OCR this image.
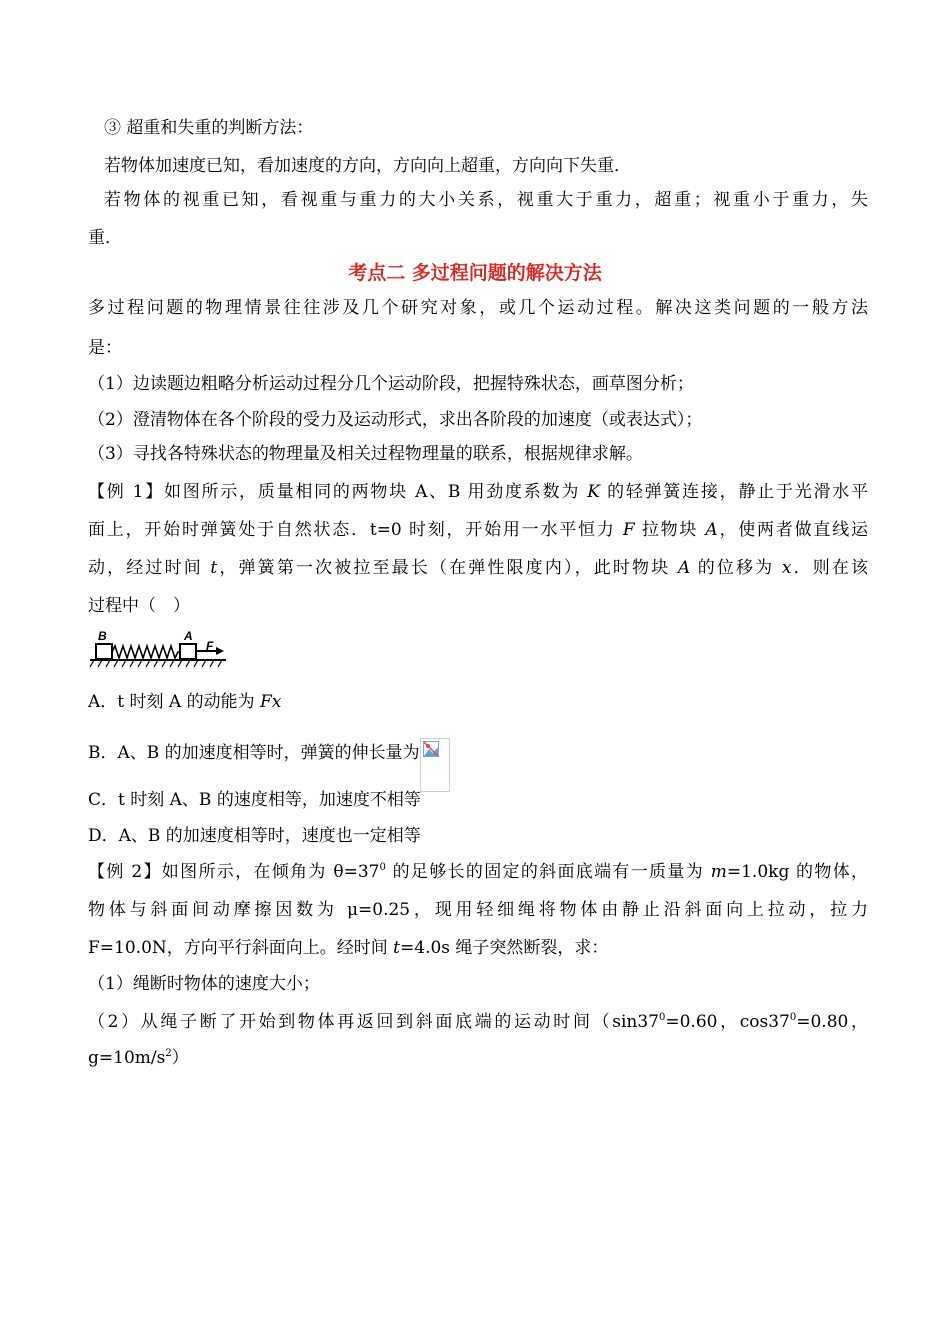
③ 超重和失重的判断方法：
若物体加速度已知，看加速度的方向，方向向上超重，方向向下失重．
若物体的视重已知，看视重与重力的大小关系，视重大于重力，超重；视重小于重力，失
重．
考点二 多过程问题的解决方法
多过程问题的物理情景往往涉及几个研究对象，或几个运动过程。解决这类问题的一般方法
是：
（1）边读题边粗略分析运动过程分几个运动阶段，把握特殊状态，画草图分析；
（2）澄清物体在各个阶段的受力及运动形式，求出各阶段的加速度（或表达式）；
（3）寻找各特殊状态的物理量及相关过程物理量的联系，根据规律求解。
【例 1】如图所示，质量相同的两物块 A、B 用劲度系数为 K 的轻弹簧连接，静止于光滑水平
面上，开始时弹簧处于自然状态．t=0 时刻，开始用一水平恒力 F 拉物块 A，使两者做直线运
动，经过时间 t，弹簧第一次被拉至最长（在弹性限度内），此时物块 A 的位移为 x．则在该
过程中（　）
B	A
F
A．t 时刻 A 的动能为 Fx
B．A、B 的加速度相等时，弹簧的伸长量为
C．t 时刻 A、B 的速度相等，加速度不相等
D．A、B 的加速度相等时，速度也一定相等
【例 2】如图所示，在倾角为 $\theta=37^0$ 的足够长的固定的斜面底端有一质量为 m=1.0kg 的物体，
物体与斜面间动摩擦因数为 μ=0.25，现用轻细绳将物体由静止沿斜面向上拉动，拉力
F=10.0N，方向平行斜面向上。经时间 t=4.0s 绳子突然断裂，求：
（1）绳断时物体的速度大小；
（2）从绳子断了开始到物体再返回到斜面底端的运动时间（$\sin 37^0=0.60$，$\cos 37^0=0.80$，
$g=10m/s^2$）
